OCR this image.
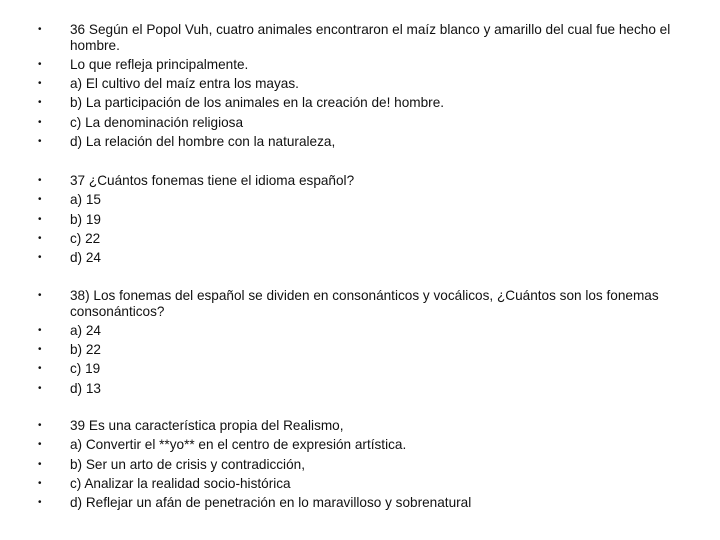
• 36 Según el Popol Vuh, cuatro animales encontraron el maíz blanco y amarillo del cual fue hecho el hombre.
• Lo que refleja principalmente.
• a) El cultivo del maíz entra los mayas.
• b) La participación de los animales en la creación de! hombre.
• c) La denominación religiosa
• d) La relación del hombre con la naturaleza,
• 37 ¿Cuántos fonemas tiene el idioma español?
• a) 15
• b) 19
• c) 22
• d) 24
• 38) Los fonemas del español se dividen en consonánticos y vocálicos, ¿Cuántos son los fonemas consonánticos?
• a) 24
• b) 22
• c) 19
• d) 13
• 39 Es una característica propia del Realismo,
• a) Convertir el **yo** en el centro de expresión artística.
• b) Ser un arto de crisis y contradicción,
• c) Analizar la realidad socio-histórica
• d) Reflejar un afán de penetración en lo maravilloso y sobrenatural
